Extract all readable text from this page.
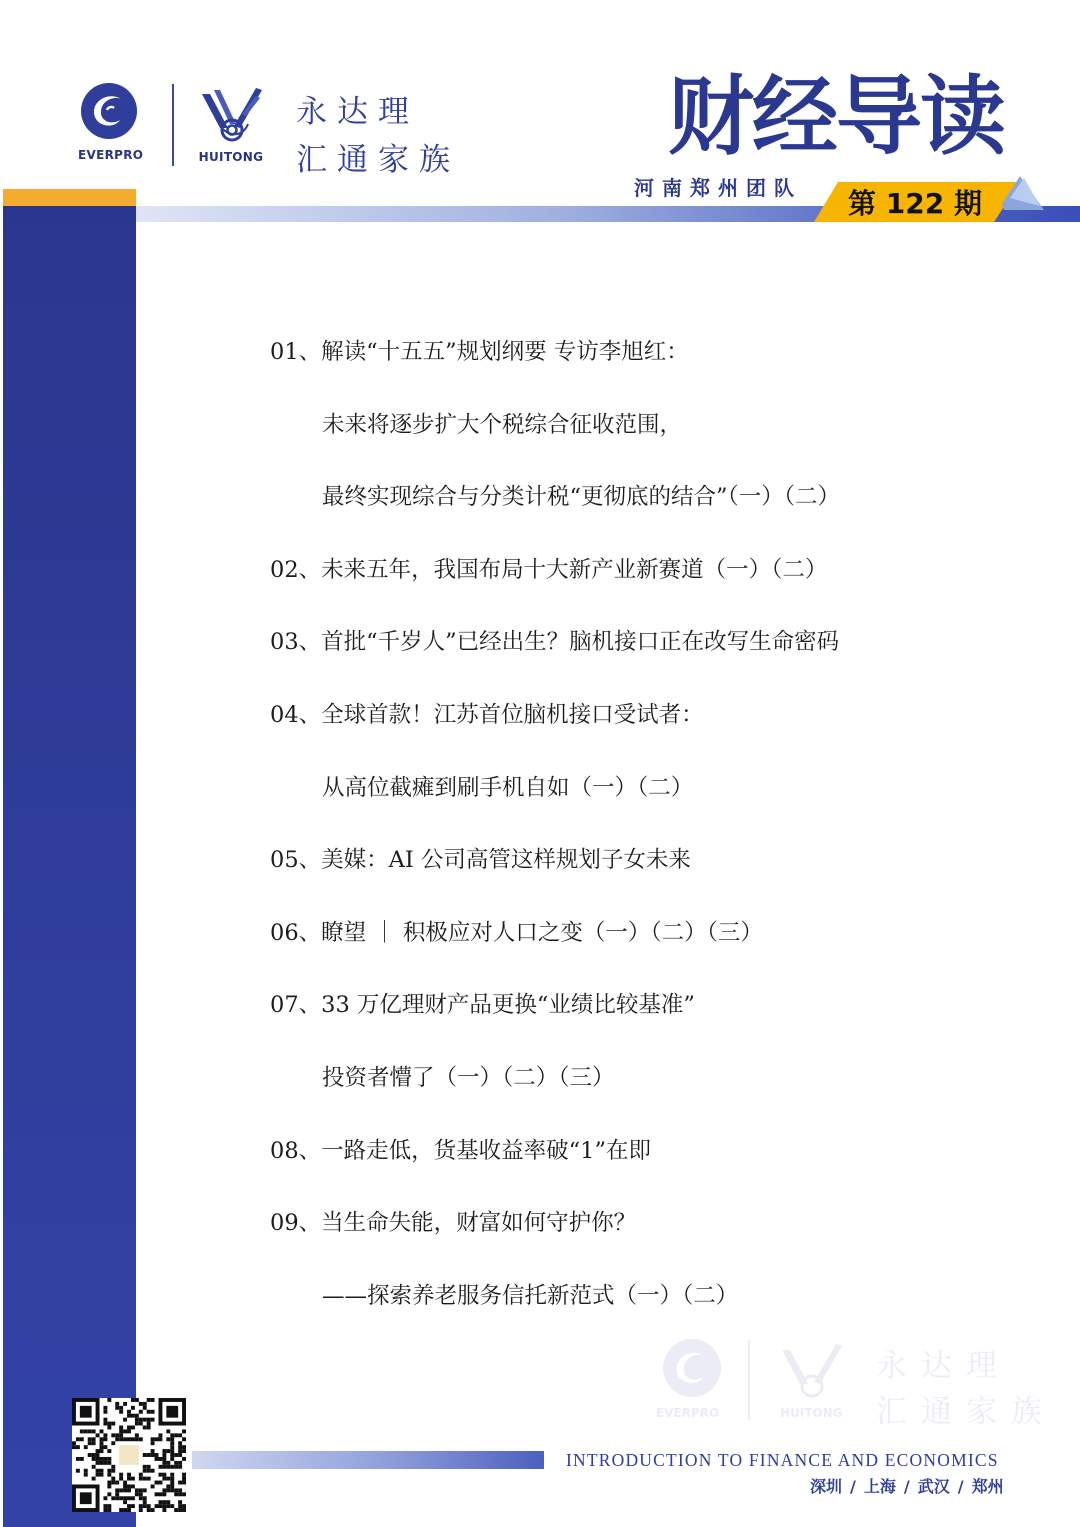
EVERPRO	HUITONG
永达理
汇通家族 财经导读
河南郑州团队 第 122 期
01、解读“十五五”规划纲要 专访李旭红：
未来将逐步扩大个税综合征收范围，
最终实现综合与分类计税“更彻底的结合”（一）（二）
02、未来五年，我国布局十大新产业新赛道（一）（二）
03、首批“千岁人”已经出生？脑机接口正在改写生命密码
04、全球首款！江苏首位脑机接口受试者：
从高位截瘫到刷手机自如（一）（二）
05、美媒：AI 公司高管这样规划子女未来
06、瞭望 ｜ 积极应对人口之变（一）（二）（三）
07、33 万亿理财产品更换“业绩比较基准”
投资者懵了（一）（二）（三）
08、一路走低，货基收益率破“1”在即
09、当生命失能，财富如何守护你？
——探索养老服务信托新范式（一）（二）
EVERPRO	HUITONG
永达理
汇通家族
INTRODUCTION TO FINANCE AND ECONOMICS
深圳 / 上海 / 武汉 / 郑州
